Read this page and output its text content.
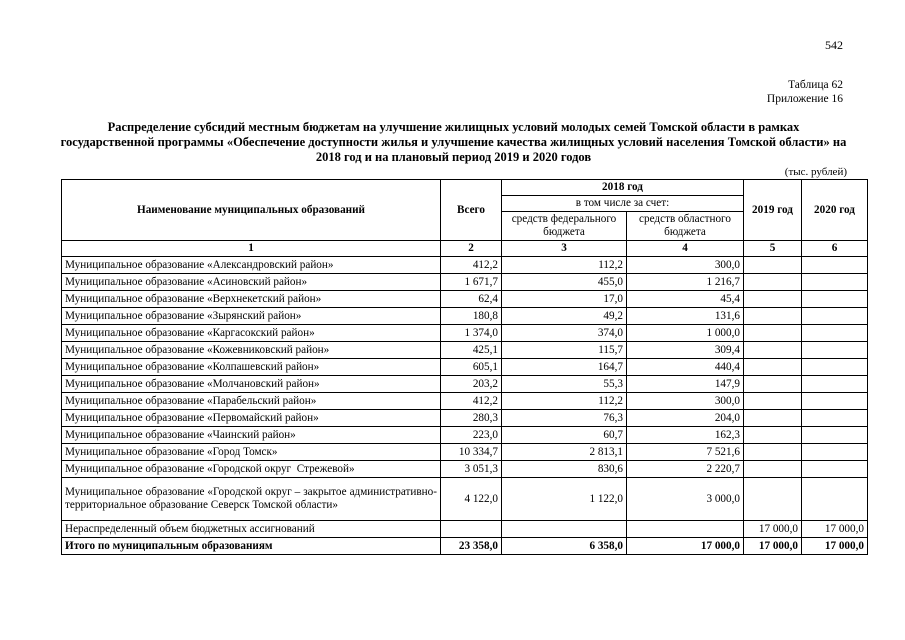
542
Таблица 62
Приложение 16
Распределение субсидий местным бюджетам на улучшение жилищных условий молодых семей Томской области в рамках государственной программы «Обеспечение доступности жилья и улучшение качества жилищных условий населения Томской области» на 2018 год и на плановый период 2019 и 2020 годов
(тыс. рублей)
Наименование муниципальных образований	Всего	2018 год		2019 год	2020 год
		в том числе за счет:			
		средств федерального бюджета	средств областного бюджета		
1	2	3	4	5	6
Муниципальное образование «Александровский район»	412,2	112,2	300,0		
Муниципальное образование «Асиновский район»	1 671,7	455,0	1 216,7		
Муниципальное образование «Верхнекетский район»	62,4	17,0	45,4		
Муниципальное образование «Зырянский район»	180,8	49,2	131,6		
Муниципальное образование «Каргасокский район»	1 374,0	374,0	1 000,0		
Муниципальное образование «Кожевниковский район»	425,1	115,7	309,4		
Муниципальное образование «Колпашевский район»	605,1	164,7	440,4		
Муниципальное образование «Молчановский район»	203,2	55,3	147,9		
Муниципальное образование «Парабельский район»	412,2	112,2	300,0		
Муниципальное образование «Первомайский район»	280,3	76,3	204,0		
Муниципальное образование «Чаинский район»	223,0	60,7	162,3		
Муниципальное образование «Город Томск»	10 334,7	2 813,1	7 521,6		
Муниципальное образование «Городской округ  Стрежевой»	3 051,3	830,6	2 220,7		
Муниципальное образование «Городской округ – закрытое административно-территориальное образование Северск Томской области»	4 122,0	1 122,0	3 000,0		
Нераспределенный объем бюджетных ассигнований				17 000,0	17 000,0
Итого по муниципальным образованиям	23 358,0	6 358,0	17 000,0	17 000,0	17 000,0
